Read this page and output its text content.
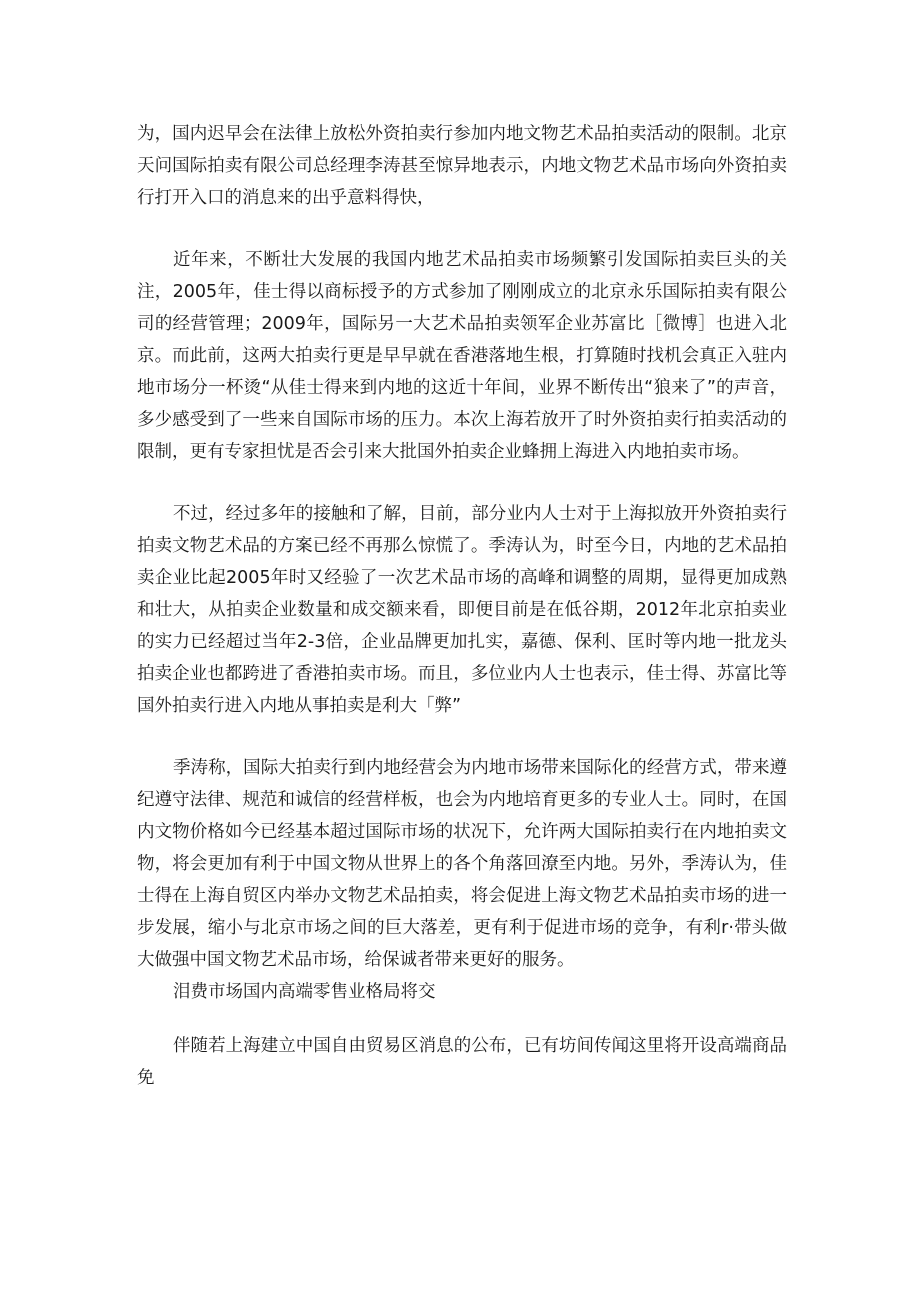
为，国内迟早会在法律上放松外资拍卖行参加内地文物艺术品拍卖活动的限制。北京天问国际拍卖有限公司总经理李涛甚至惊异地表示，内地文物艺术品市场向外资拍卖行打开入口的消息来的出乎意料得快，

近年来，不断壮大发展的我国内地艺术品拍卖市场频繁引发国际拍卖巨头的关注，2005年，佳士得以商标授予的方式参加了刚刚成立的北京永乐国际拍卖有限公司的经营管理；2009年，国际另一大艺术品拍卖领军企业苏富比［微博］也进入北京。而此前，这两大拍卖行更是早早就在香港落地生根，打算随时找机会真正入驻内地市场分一杯烫“从佳士得来到内地的这近十年间，业界不断传出“狼来了”的声音，多少感受到了一些来自国际市场的压力。本次上海若放开了时外资拍卖行拍卖活动的限制，更有专家担忧是否会引来大批国外拍卖企业蜂拥上海进入内地拍卖市场。

不过，经过多年的接触和了解，目前，部分业内人士对于上海拟放开外资拍卖行拍卖文物艺术品的方案已经不再那么惊慌了。季涛认为，时至今日，内地的艺术品拍卖企业比起2005年时又经验了一次艺术品市场的高峰和调整的周期，显得更加成熟和壮大，从拍卖企业数量和成交额来看，即便目前是在低谷期，2012年北京拍卖业的实力已经超过当年2-3倍，企业品牌更加扎实，嘉德、保利、匡时等内地一批龙头拍卖企业也都跨进了香港拍卖市场。而且，多位业内人士也表示，佳士得、苏富比等国外拍卖行进入内地从事拍卖是利大「弊”

季涛称，国际大拍卖行到内地经营会为内地市场带来国际化的经营方式，带来遵纪遵守法律、规范和诚信的经营样板，也会为内地培育更多的专业人士。同时，在国内文物价格如今已经基本超过国际市场的状况下，允许两大国际拍卖行在内地拍卖文物，将会更加有利于中国文物从世界上的各个角落回潦至内地。另外，季涛认为，佳士得在上海自贸区内举办文物艺术品拍卖，将会促进上海文物艺术品拍卖市场的进一步发展，缩小与北京市场之间的巨大落差，更有利于促进市场的竞争，有利r·带头做大做强中国文物艺术品市场，给保诚者带来更好的服务。

泪费市场国内高端零售业格局将交

伴随若上海建立中国自由贸易区消息的公布，已有坊间传闻这里将开设高端商品免
